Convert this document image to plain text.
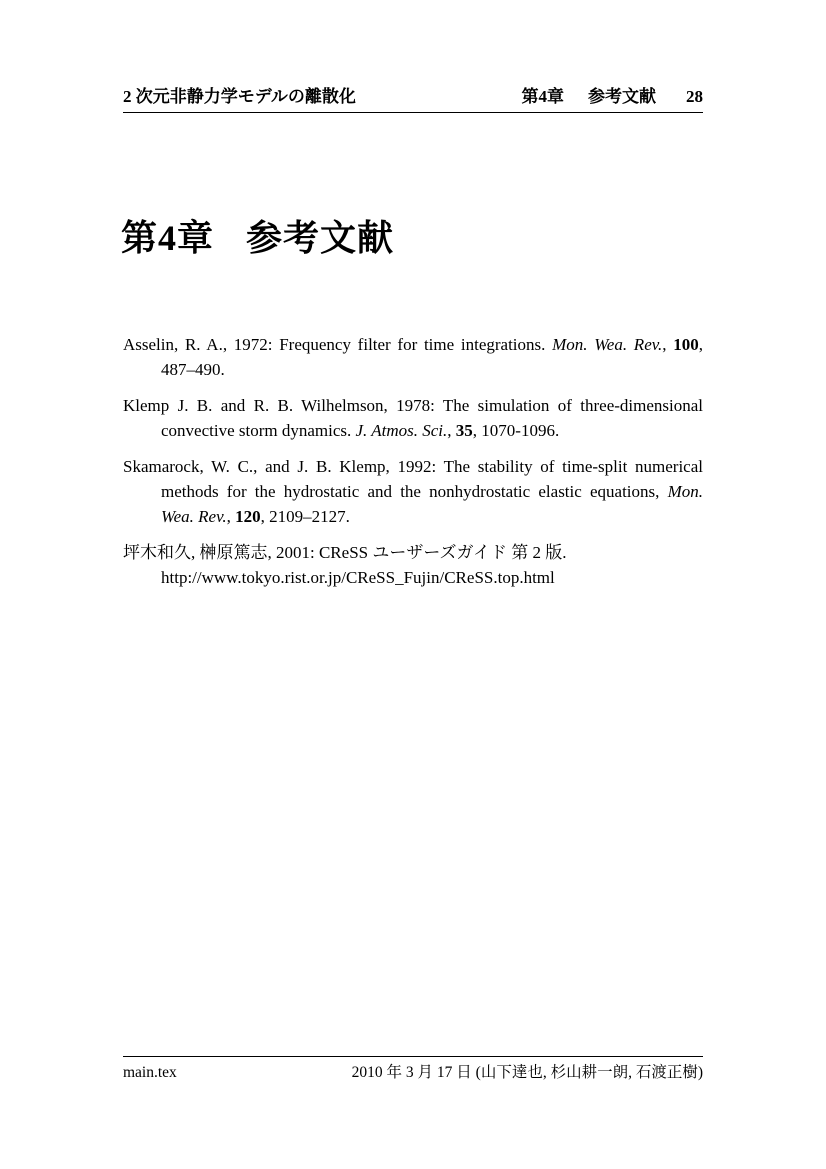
2 次元非静力学モデルの離散化	第4章 参考文献 28
第4章 参考文献

Asselin, R. A., 1972: Frequency filter for time integrations. Mon. Wea. Rev., 100, 487–490.

Klemp J. B. and R. B. Wilhelmson, 1978: The simulation of three-dimensional convective storm dynamics. J. Atmos. Sci., 35, 1070-1096.

Skamarock, W. C., and J. B. Klemp, 1992: The stability of time-split numerical methods for the hydrostatic and the nonhydrostatic elastic equations, Mon. Wea. Rev., 120, 2109–2127.

坪木和久, 榊原篤志, 2001: CReSS ユーザーズガイド 第 2 版.
http://www.tokyo.rist.or.jp/CReSS_Fujin/CReSS.top.html

main.tex	2010 年 3 月 17 日 (山下達也, 杉山耕一朗, 石渡正樹)
